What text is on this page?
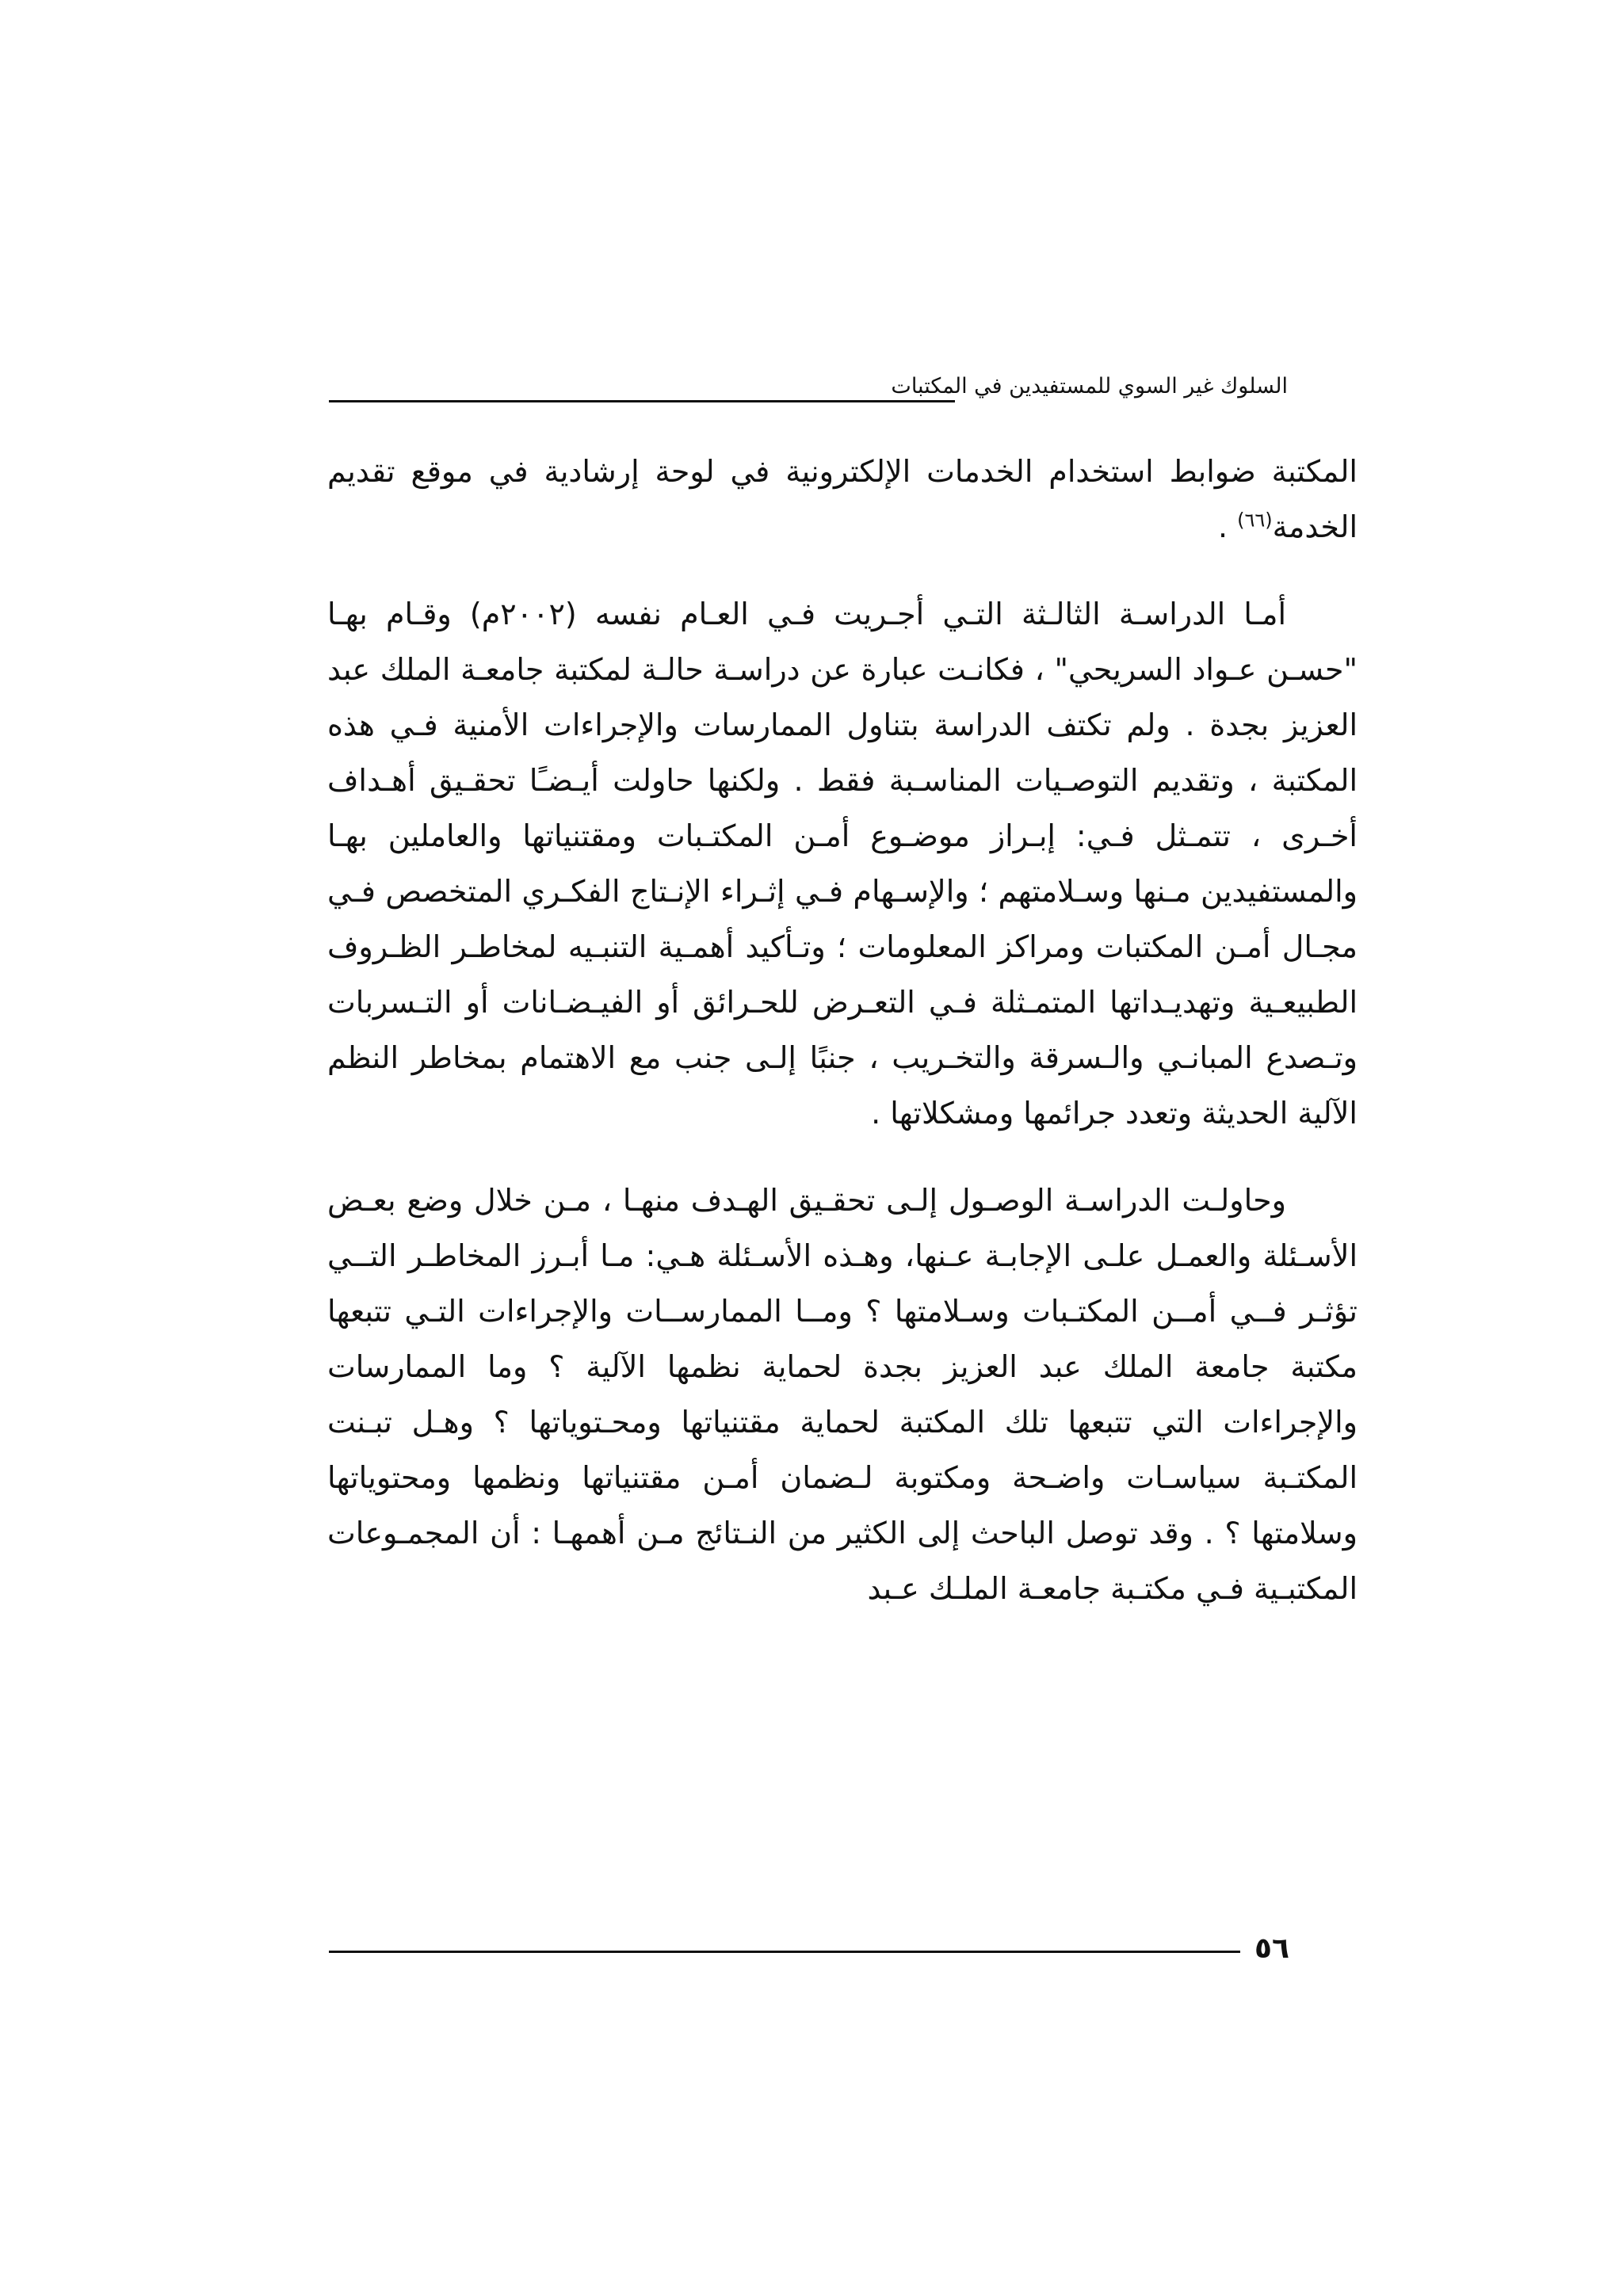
السلوك غير السوي للمستفيدين في المكتبات

المكتبة ضوابط استخدام الخدمات الإلكترونية في لوحة إرشادية في موقع تقديم الخدمة$^{(٦٦)}$ .

أمـا الدراسـة الثالـثة التـي أجـريت فـي العـام نفسه (٢٠٠٢م) وقـام بهـا "حسـن عـواد السريحي" ، فكانـت عبارة عن دراسـة حالـة لمكتبة جامعـة الملك عبد العزيز بجدة . ولم تكتف الدراسة بتناول الممارسات والإجراءات الأمنية فـي هذه المكتبة ، وتقديم التوصـيات المناسـبة فقط . ولكنها حاولت أيـضـًا تحقـيق أهـداف أخـرى ، تتمـثل فـي: إبـراز موضـوع أمـن المكتـبات ومقتنياتها والعاملين بهـا والمستفيدين مـنها وسـلامتهم ؛ والإسـهام فـي إثـراء الإنـتاج الفكـري المتخصص فـي مجـال أمـن المكتبات ومراكز المعلومات ؛ وتـأكيد أهمـية التنبـيه لمخاطـر الظـروف الطبيعـية وتهديـداتها المتمـثلة فـي التعـرض للحـرائق أو الفيـضـانات أو التـسربات وتـصدع المبانـي والـسرقة والتخـريب ، جنبًا إلـى جنب مع الاهتمام بمخاطر النظم الآلية الحديثة وتعدد جرائمها ومشكلاتها .

وحاولـت الدراسـة الوصـول إلـى تحقـيق الهـدف منهـا ، مـن خلال وضع بعـض الأسـئلة والعمـل علـى الإجابـة عـنها، وهـذه الأسـئلة هـي: مـا أبـرز المخاطـر التــي تؤثـر فــي أمــن المكتـبات وسـلامتها ؟ ومــا الممارســات والإجراءات التـي تتبعها مكتبة جامعة الملك عبد العزيز بجدة لحماية نظمها الآلية ؟ وما الممارسات والإجراءات التي تتبعها تلك المكتبة لحماية مقتنياتها ومحـتوياتها ؟ وهـل تبـنت المكتـبة سياسـات واضـحة ومكتوبة لـضمان أمـن مقتنياتها ونظمها ومحتوياتها وسلامتها ؟ . وقد توصل الباحث إلى الكثير من النـتائج مـن أهمهـا : أن المجمـوعات المكتبـية فـي مكتـبة جامعـة الملـك عـبد

٥٦
